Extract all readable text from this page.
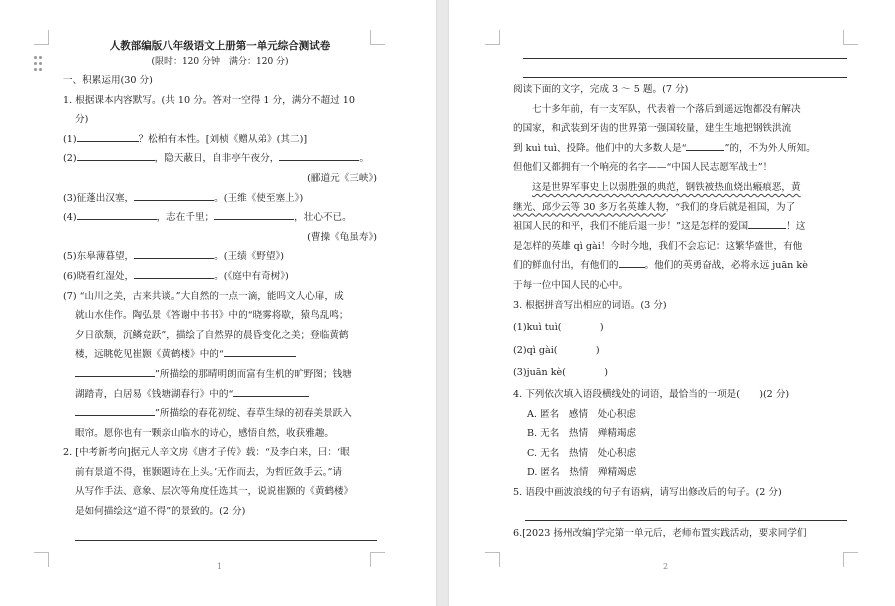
人教部编版八年级语文上册第一单元综合测试卷

(限时：120 分钟　满分：120 分)

一、积累运用(30 分)

1. 根据课本内容默写。(共 10 分。答对一空得 1 分，满分不超过 10

分)

(1)	？松柏有本性。[刘桢《赠从弟》(其二)]

(2)	，隐天蔽日，自非亭午夜分，	。

(郦道元《三峡》)

(3)征蓬出汉塞，	。(王维《使至塞上》)

(4)	，志在千里；	，壮心不已。

(曹操《龟虽寿》)

(5)东皋薄暮望，	。(王绩《野望》)

(6)晓看红湿处，	。(《庭中有奇树》)

(7) “山川之美，古来共谈。”大自然的一点一滴，能吗文人心扉，成

就山水佳作。陶弘景《答谢中书书》中的“晓雾将歇，猿鸟乱鸣；

夕日欲颓，沉鳞竞跃”，描绘了自然界的晨昏变化之美；登临黄鹤

楼，远眺乾见崔颢《黄鹤楼》中的“

”所描绘的那晴明朗而富有生机的旷野图；钱塘

湖踏青，白居易《钱塘湖春行》中的“

”所描绘的春花初绽、春草生绿的初春美景跃入

眼帘。愿你也有一颗亲山临水的诗心，感悟自然，收获雅趣。

2. [中考新考向]据元人辛文房《唐才子传》载：“及李白来，曰：‘眼

前有景道不得，崔颢题诗在上头。’无作而去，为哲匠敛手云。”请

从写作手法、意象、层次等角度任选其一，说说崔颢的《黄鹤楼》

是如何描绘这“道不得”的景致的。(2 分)

1

阅读下面的文字，完成 3 ～ 5 题。(7 分)

七十多年前，有一支军队，代表着一个落后到遥远饱都没有解决

的国家，和武装到牙齿的世界第一强国较量，建生生地把钢铁洪流

到 kuì tuì、投降。他们中的大多数人是“	”的，不为外人所知。

但他们又都拥有一个响亮的名字——“中国人民志愿军战士”！

这是世界军事史上以弱胜强的典范，钢铁被热血烧出瘢痕恶，黄

继光、邱少云等 30 多万名英雄人物，“我们的身后就是祖国，为了

祖国人民的和平，我们不能后退一步！”这是怎样的爱国	！这

是怎样的英雄 qì gài！今时今地，我们不会忘记：这繁华盛世，有他

们的鲜血付出，有他们的	。他们的英勇奋战，必将永远 juān kè

于每一位中国人民的心中。

3. 根据拼音写出相应的词语。(3 分)

(1)kuì tuì(　　　　)

(2)qì gài(　　　　)

(3)juān kè(　　　　)

4. 下列依次填入语段横线处的词语，最恰当的一项是(　　)(2 分)

A. 匿名　感情　处心积虑

B. 无名　热情　殚精竭虑

C. 无名　热情　处心积虑

D. 匿名　热情　殚精竭虑

5. 语段中画波浪线的句子有语病，请写出修改后的句子。(2 分)

6.[2023 扬州改编]学完第一单元后，老师布置实践活动，要求同学们

2
